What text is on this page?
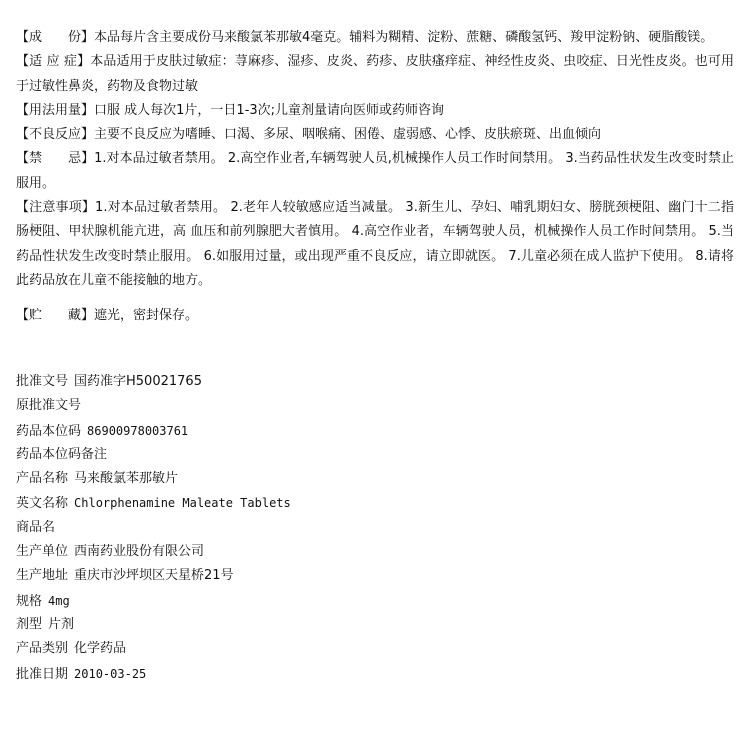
【成　　份】本品每片含主要成份马来酸氯苯那敏4毫克。辅料为糊精、淀粉、蔗糖、磷酸氢钙、羧甲淀粉钠、硬脂酸镁。

【适 应 症】本品适用于皮肤过敏症：荨麻疹、湿疹、皮炎、药疹、皮肤瘙痒症、神经性皮炎、虫咬症、日光性皮炎。也可用于过敏性鼻炎，药物及食物过敏

【用法用量】口服 成人每次1片，一日1-3次;儿童剂量请向医师或药师咨询

【不良反应】主要不良反应为嗜睡、口渴、多尿、咽喉痛、困倦、虚弱感、心悸、皮肤瘀斑、出血倾向

【禁　　忌】1.对本品过敏者禁用。 2.高空作业者,车辆驾驶人员,机械操作人员工作时间禁用。 3.当药品性状发生改变时禁止服用。

【注意事项】1.对本品过敏者禁用。 2.老年人较敏感应适当减量。 3.新生儿、孕妇、哺乳期妇女、膀胱颈梗阻、幽门十二指肠梗阻、甲状腺机能亢进，高 血压和前列腺肥大者慎用。 4.高空作业者，车辆驾驶人员，机械操作人员工作时间禁用。 5.当药品性状发生改变时禁止服用。 6.如服用过量，或出现严重不良反应，请立即就医。 7.儿童必须在成人监护下使用。 8.请将此药品放在儿童不能接触的地方。

【贮　　藏】遮光，密封保存。

批准文号 国药准字H50021765
原批准文号
药品本位码 86900978003761
药品本位码备注
产品名称 马来酸氯苯那敏片
英文名称 Chlorphenamine Maleate Tablets
商品名
生产单位 西南药业股份有限公司
生产地址 重庆市沙坪坝区天星桥21号
规格 4mg
剂型 片剂
产品类别 化学药品
批准日期 2010-03-25
